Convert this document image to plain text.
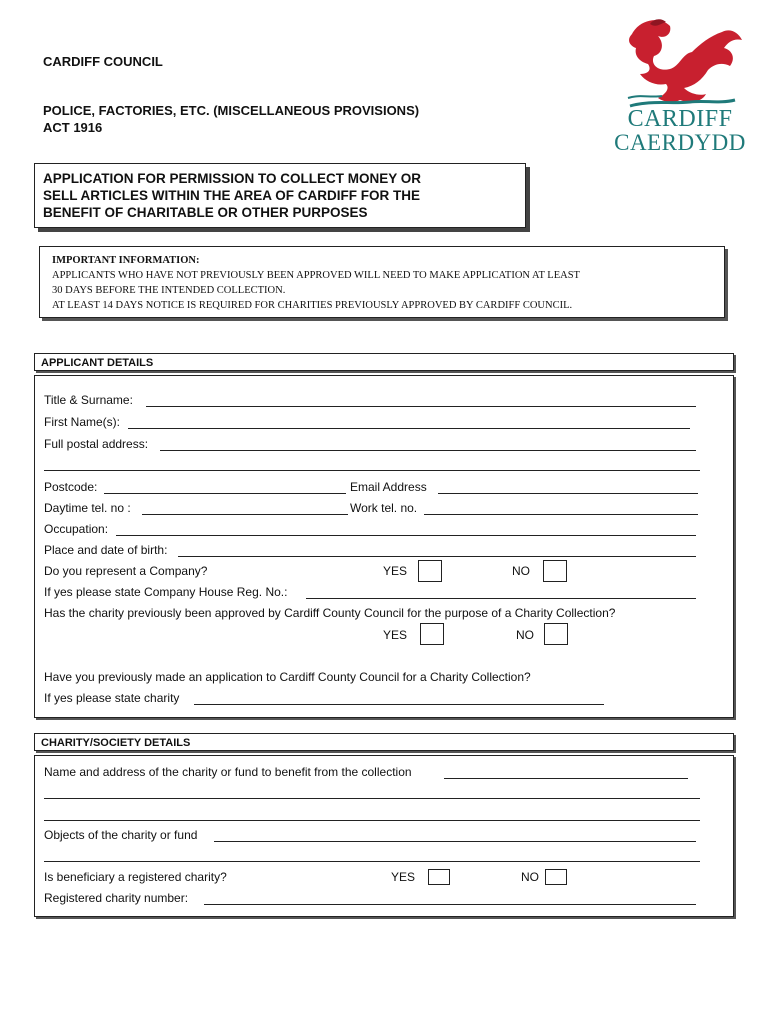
CARDIFF COUNCIL
POLICE, FACTORIES, ETC. (MISCELLANEOUS PROVISIONS)
ACT 1916	CARDIFF
CAERDYDD
APPLICATION FOR PERMISSION TO COLLECT MONEY OR
SELL ARTICLES WITHIN THE AREA OF CARDIFF FOR THE
BENEFIT OF CHARITABLE OR OTHER PURPOSES
IMPORTANT INFORMATION:
APPLICANTS WHO HAVE NOT PREVIOUSLY BEEN APPROVED WILL NEED TO MAKE APPLICATION AT LEAST
30 DAYS BEFORE THE INTENDED COLLECTION.
AT LEAST 14 DAYS NOTICE IS REQUIRED FOR CHARITIES PREVIOUSLY APPROVED BY CARDIFF COUNCIL.
APPLICANT DETAILS
Title & Surname:
First Name(s):
Full postal address:
Postcode:	Email Address
Daytime tel. no :	Work tel. no.
Occupation:
Place and date of birth:
Do you represent a Company?	YES	NO
If yes please state Company House Reg. No.:
Has the charity previously been approved by Cardiff County Council for the purpose of a Charity Collection?
YES	NO
Have you previously made an application to Cardiff County Council for a Charity Collection?
If yes please state charity
CHARITY/SOCIETY DETAILS
Name and address of the charity or fund to benefit from the collection
Objects of the charity or fund
Is beneficiary a registered charity?	YES	NO
Registered charity number:
